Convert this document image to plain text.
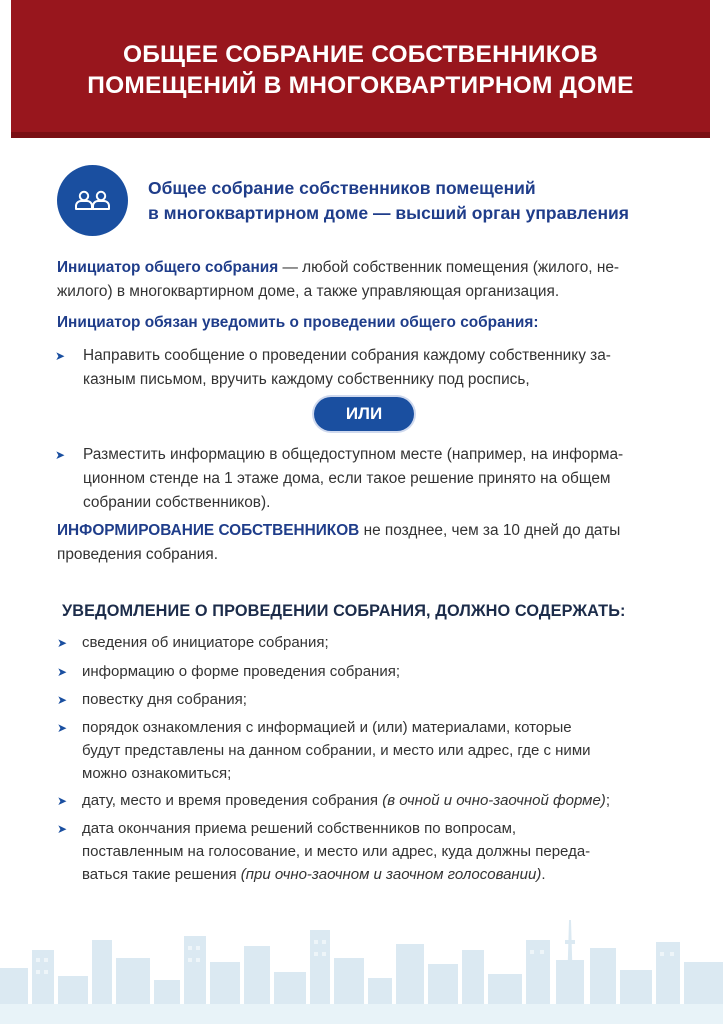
ОБЩЕЕ СОБРАНИЕ СОБСТВЕННИКОВ
ПОМЕЩЕНИЙ В МНОГОКВАРТИРНОМ ДОМЕ
Общее собрание собственников помещений
в многоквартирном доме — высший орган управления
Инициатор общего собрания — любой собственник помещения (жилого, не-
жилого) в многоквартирном доме, а также управляющая организация.
Инициатор обязан уведомить о проведении общего собрания:
➤ Направить сообщение о проведении собрания каждому собственнику за-
казным письмом, вручить каждому собственнику под роспись,
ИЛИ
➤ Разместить информацию в общедоступном месте (например, на информа-
ционном стенде на 1 этаже дома, если такое решение принято на общем
собрании собственников).
ИНФОРМИРОВАНИЕ СОБСТВЕННИКОВ не позднее, чем за 10 дней до даты
проведения собрания.
УВЕДОМЛЕНИЕ О ПРОВЕДЕНИИ СОБРАНИЯ, ДОЛЖНО СОДЕРЖАТЬ:
➤ сведения об инициаторе собрания;
➤ информацию о форме проведения собрания;
➤ повестку дня собрания;
➤ порядок ознакомления с информацией и (или) материалами, которые
будут представлены на данном собрании, и место или адрес, где с ними
можно ознакомиться;
➤ дату, место и время проведения собрания (в очной и очно-заочной форме);
➤ дата окончания приема решений собственников по вопросам,
поставленным на голосование, и место или адрес, куда должны переда-
ваться такие решения (при очно-заочном и заочном голосовании).
